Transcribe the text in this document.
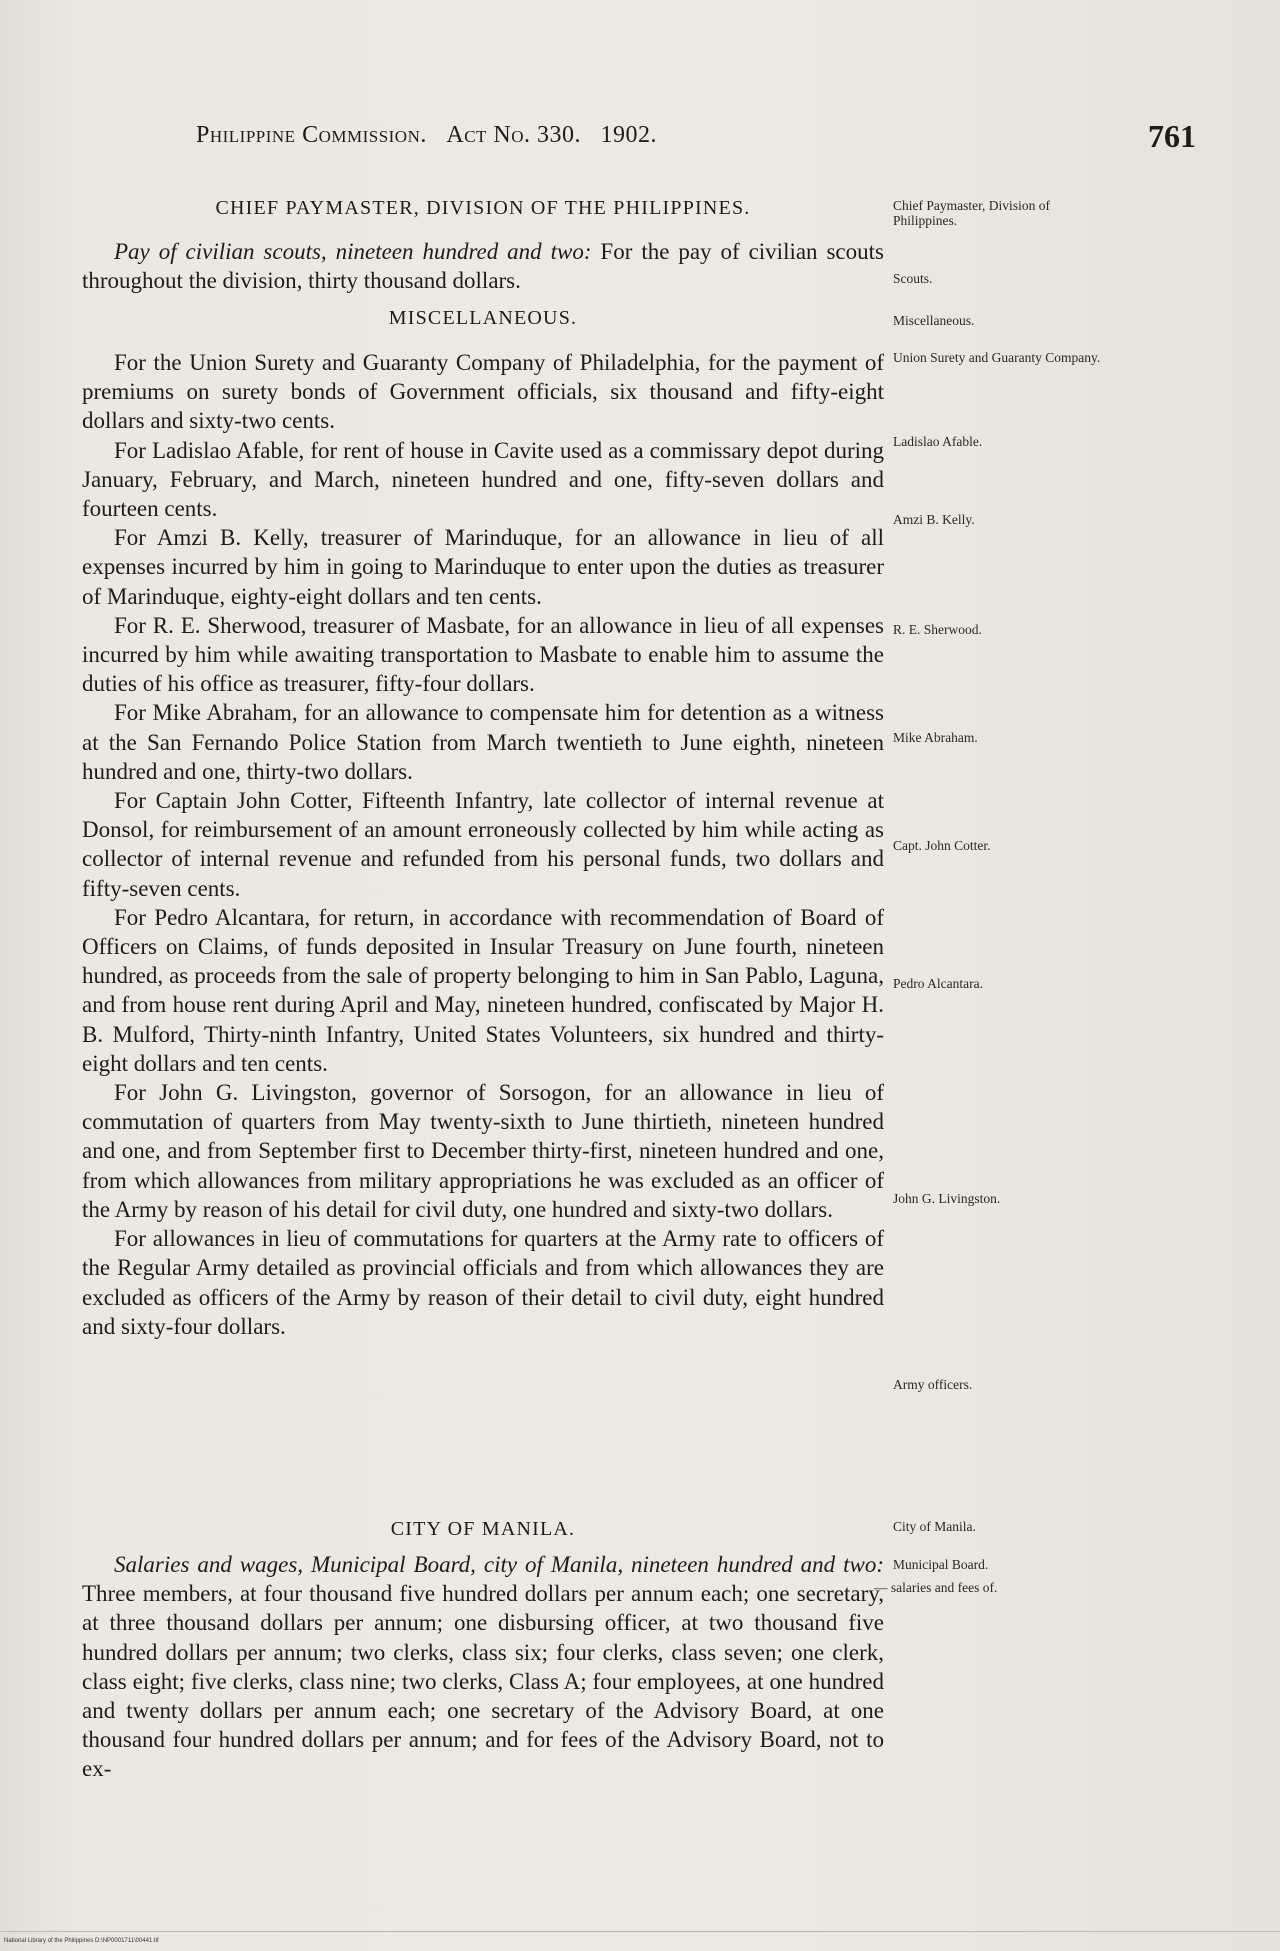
Philippine Commission. Act No. 330. 1902.	761
CHIEF PAYMASTER, DIVISION OF THE PHILIPPINES.

Pay of civilian scouts, nineteen hundred and two: For the pay of civilian scouts throughout the division, thirty thousand dollars.

MISCELLANEOUS.

For the Union Surety and Guaranty Company of Philadelphia, for the payment of premiums on surety bonds of Government officials, six thousand and fifty-eight dollars and sixty-two cents.

For Ladislao Afable, for rent of house in Cavite used as a commissary depot during January, February, and March, nineteen hundred and one, fifty-seven dollars and fourteen cents.

For Amzi B. Kelly, treasurer of Marinduque, for an allowance in lieu of all expenses incurred by him in going to Marinduque to enter upon the duties as treasurer of Marinduque, eighty-eight dollars and ten cents.

For R. E. Sherwood, treasurer of Masbate, for an allowance in lieu of all expenses incurred by him while awaiting transportation to Masbate to enable him to assume the duties of his office as treasurer, fifty-four dollars.

For Mike Abraham, for an allowance to compensate him for detention as a witness at the San Fernando Police Station from March twentieth to June eighth, nineteen hundred and one, thirty-two dollars.

For Captain John Cotter, Fifteenth Infantry, late collector of internal revenue at Donsol, for reimbursement of an amount erroneously collected by him while acting as collector of internal revenue and refunded from his personal funds, two dollars and fifty-seven cents.

For Pedro Alcantara, for return, in accordance with recommendation of Board of Officers on Claims, of funds deposited in Insular Treasury on June fourth, nineteen hundred, as proceeds from the sale of property belonging to him in San Pablo, Laguna, and from house rent during April and May, nineteen hundred, confiscated by Major H. B. Mulford, Thirty-ninth Infantry, United States Volunteers, six hundred and thirty-eight dollars and ten cents.

For John G. Livingston, governor of Sorsogon, for an allowance in lieu of commutation of quarters from May twenty-sixth to June thirtieth, nineteen hundred and one, and from September first to December thirty-first, nineteen hundred and one, from which allowances from military appropriations he was excluded as an officer of the Army by reason of his detail for civil duty, one hundred and sixty-two dollars.

For allowances in lieu of commutations for quarters at the Army rate to officers of the Regular Army detailed as provincial officials and from which allowances they are excluded as officers of the Army by reason of their detail to civil duty, eight hundred and sixty-four dollars.

CITY OF MANILA.

Salaries and wages, Municipal Board, city of Manila, nineteen hundred and two: Three members, at four thousand five hundred dollars per annum each; one secretary, at three thousand dollars per annum; one disbursing officer, at two thousand five hundred dollars per annum; two clerks, class six; four clerks, class seven; one clerk, class eight; five clerks, class nine; two clerks, Class A; four employees, at one hundred and twenty dollars per annum each; one secretary of the Advisory Board, at one thousand four hundred dollars per annum; and for fees of the Advisory Board, not to ex-

Chief Paymaster, Division of Philippines.
Scouts.
Miscellaneous.
Union Surety and Guaranty Company.
Ladislao Afable.
Amzi B. Kelly.
R. E. Sherwood.
Mike Abraham.
Capt. John Cotter.
Pedro Alcantara.
John G. Livingston.
Army officers.
City of Manila.
Municipal Board.
— salaries and fees of.
National Library of the Philippines D:\NP0001711\00441.tif
